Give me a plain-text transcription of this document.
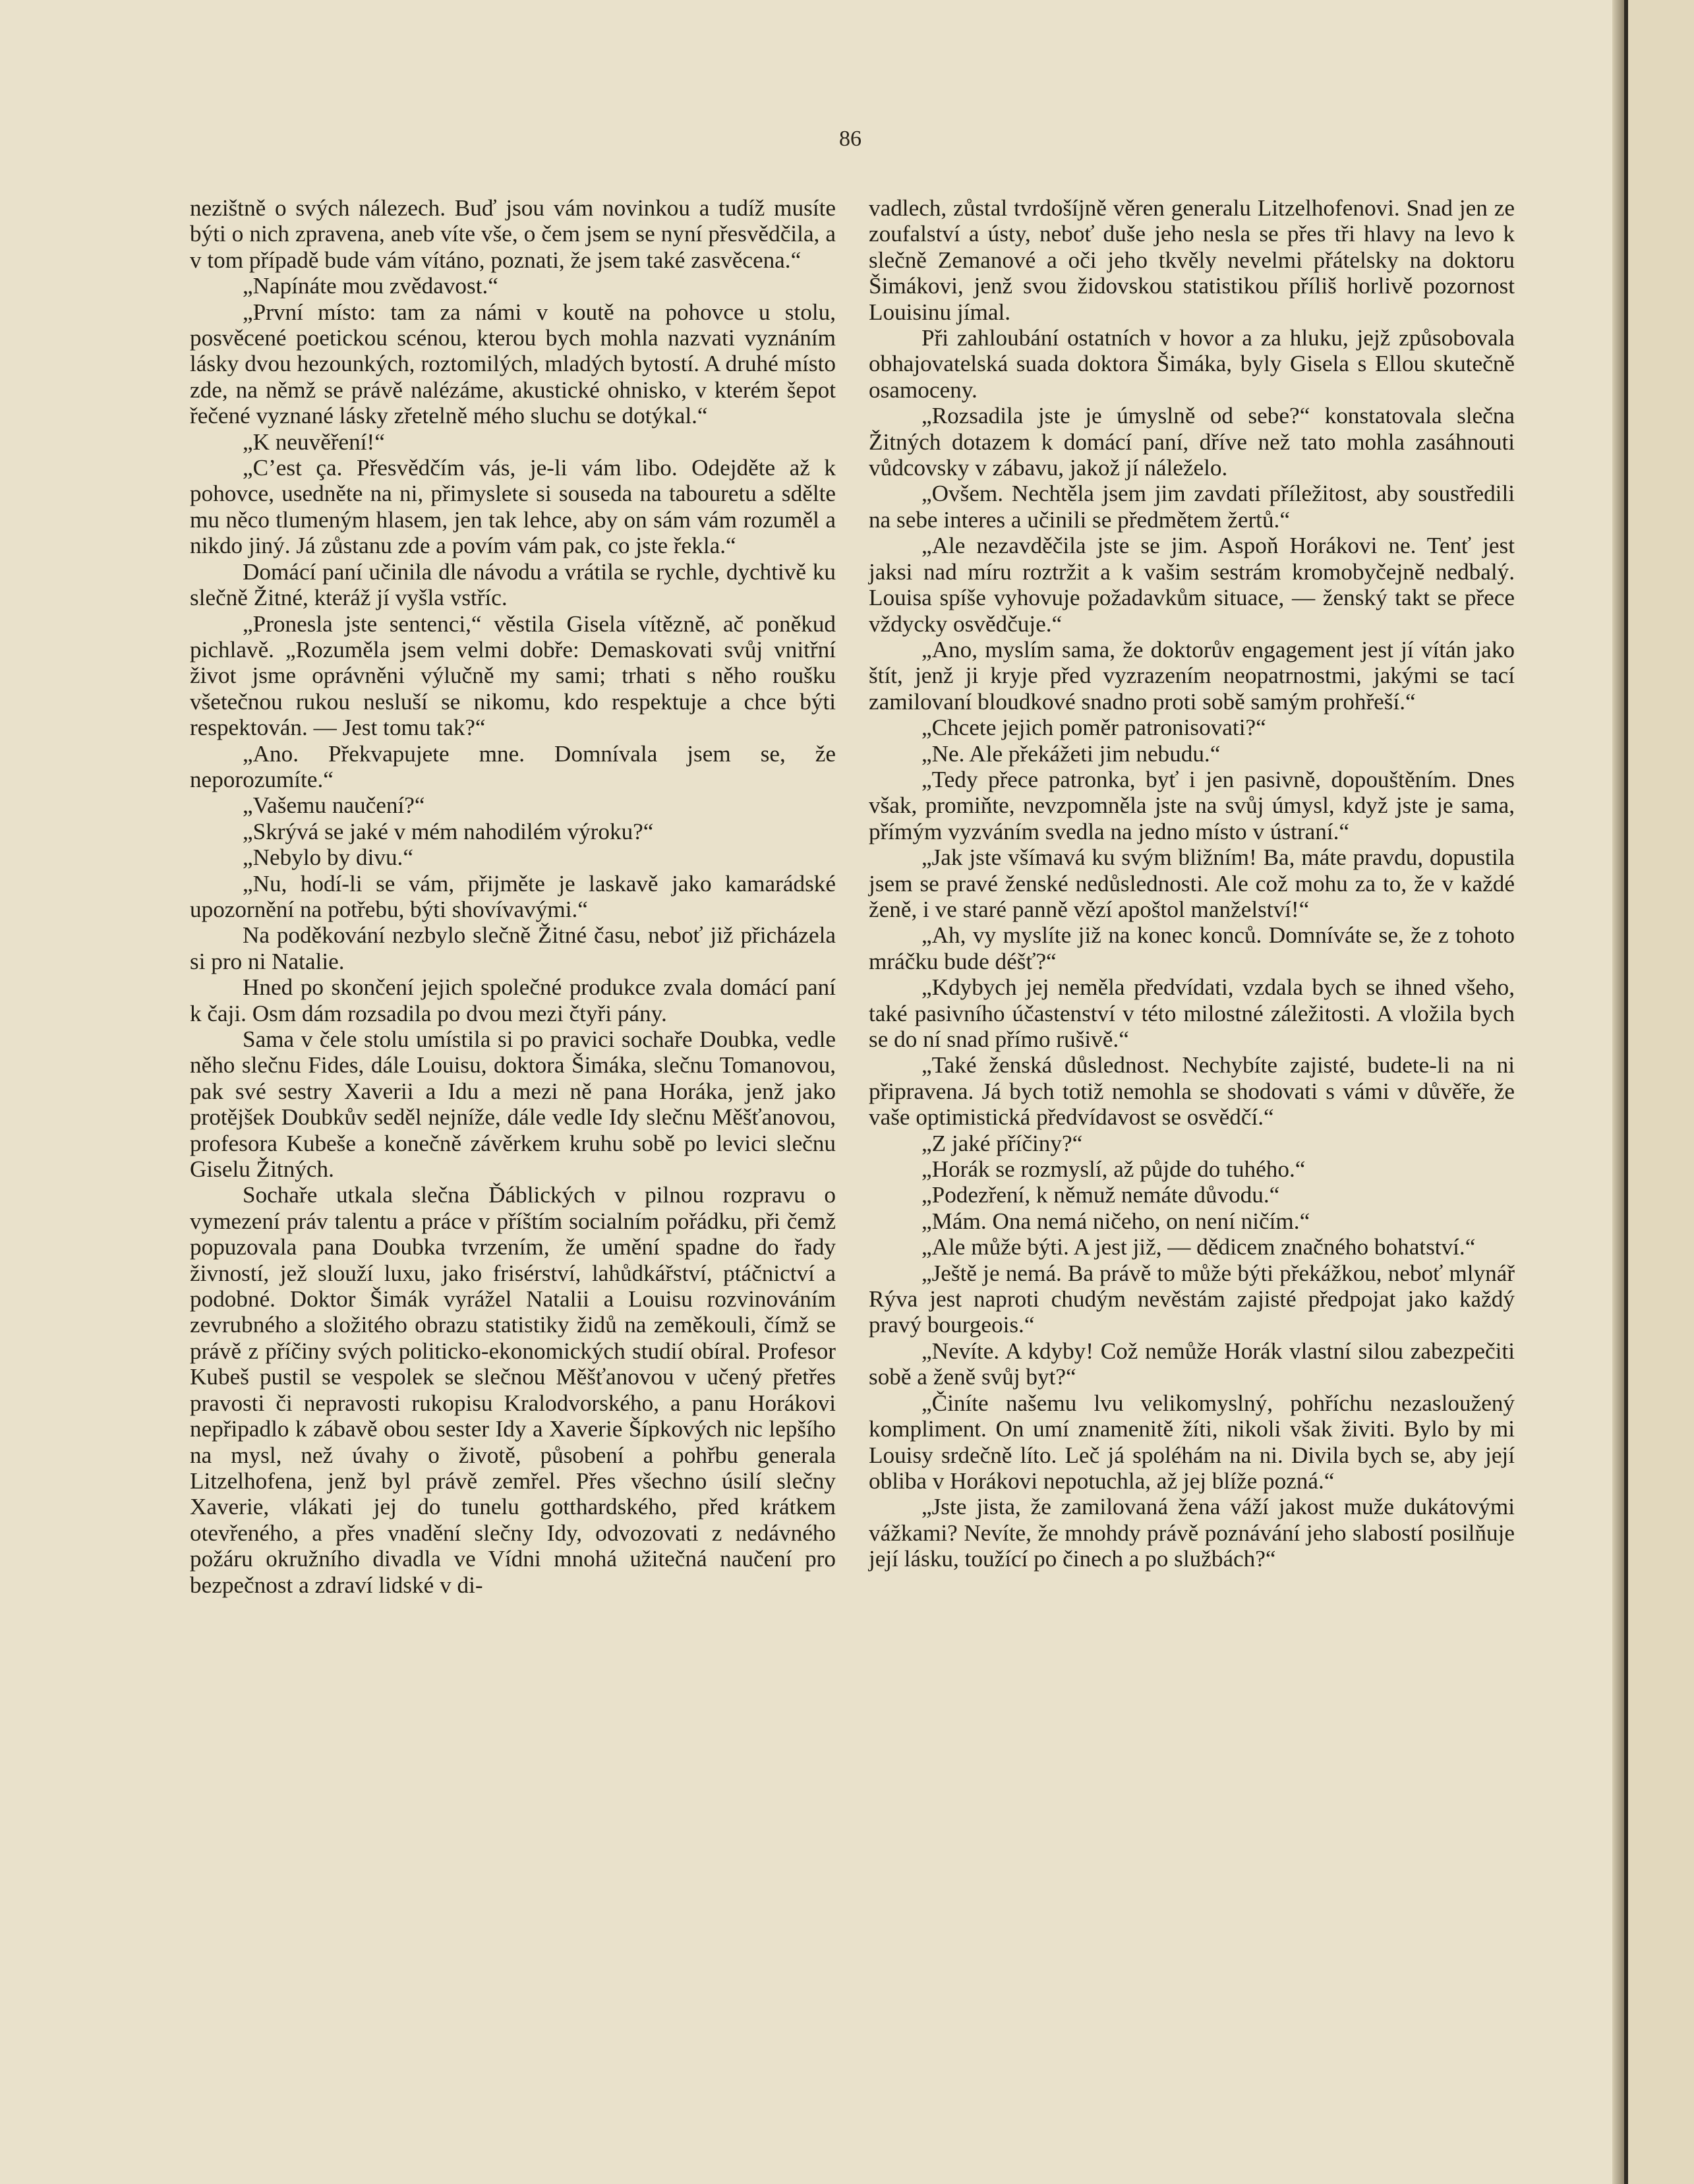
86

nezištně o svých nálezech. Buď jsou vám novinkou a tudíž musíte býti o nich zpravena, aneb víte vše, o čem jsem se nyní přesvědčila, a v tom případě bude vám vítáno, poznati, že jsem také zasvěcena.“

„Napínáte mou zvědavost.“

„První místo: tam za námi v koutě na pohovce u stolu, posvěcené poetickou scénou, kterou bych mohla nazvati vyznáním lásky dvou hezounkých, roztomilých, mladých bytostí. A druhé místo zde, na němž se právě nalézáme, akustické ohnisko, v kterém šepot řečené vyznané lásky zřetelně mého sluchu se dotýkal.“

„K neuvěření!“

„C’est ça. Přesvědčím vás, je-li vám libo. Odejděte až k pohovce, usedněte na ni, přimyslete si souseda na tabouretu a sdělte mu něco tlumeným hlasem, jen tak lehce, aby on sám vám rozuměl a nikdo jiný. Já zůstanu zde a povím vám pak, co jste řekla.“

Domácí paní učinila dle návodu a vrátila se rychle, dychtivě ku slečně Žitné, kteráž jí vyšla vstříc.

„Pronesla jste sentenci,“ věstila Gisela vítězně, ač poněkud pichlavě. „Rozuměla jsem velmi dobře: Demaskovati svůj vnitřní život jsme oprávněni výlučně my sami; trhati s něho roušku všetečnou rukou nesluší se nikomu, kdo respektuje a chce býti respektován. — Jest tomu tak?“

„Ano. Překvapujete mne. Domnívala jsem se, že neporozumíte.“

„Vašemu naučení?“

„Skrývá se jaké v mém nahodilém výroku?“

„Nebylo by divu.“

„Nu, hodí-li se vám, přijměte je laskavě jako kamarádské upozornění na potřebu, býti shovívavými.“

Na poděkování nezbylo slečně Žitné času, neboť již přicházela si pro ni Natalie.

Hned po skončení jejich společné produkce zvala domácí paní k čaji. Osm dám rozsadila po dvou mezi čtyři pány.

Sama v čele stolu umístila si po pravici sochaře Doubka, vedle něho slečnu Fides, dále Louisu, doktora Šimáka, slečnu Tomanovou, pak své sestry Xaverii a Idu a mezi ně pana Horáka, jenž jako protějšek Doubkův seděl nejníže, dále vedle Idy slečnu Měšťanovou, profesora Kubeše a konečně závěrkem kruhu sobě po levici slečnu Giselu Žitných.

Sochaře utkala slečna Ďáblických v pilnou rozpravu o vymezení práv talentu a práce v příštím socialním pořádku, při čemž popuzovala pana Doubka tvrzením, že umění spadne do řady živností, jež slouží luxu, jako frisérství, lahůdkářství, ptáčnictví a podobné. Doktor Šimák vyrážel Natalii a Louisu rozvinováním zevrubného a složitého obrazu statistiky židů na zeměkouli, čímž se právě z příčiny svých politicko-ekonomických studií obíral. Profesor Kubeš pustil se vespolek se slečnou Měšťanovou v učený přetřes pravosti či nepravosti rukopisu Kralodvorského, a panu Horákovi nepřipadlo k zábavě obou sester Idy a Xaverie Šípkových nic lepšího na mysl, než úvahy o životě, působení a pohřbu generala Litzelhofena, jenž byl právě zemřel. Přes všechno úsilí slečny Xaverie, vlákati jej do tunelu gotthardského, před krátkem otevřeného, a přes vnadění slečny Idy, odvozovati z nedávného požáru okružního divadla ve Vídni mnohá užitečná naučení pro bezpečnost a zdraví lidské v di-

vadlech, zůstal tvrdošíjně věren generalu Litzelhofenovi. Snad jen ze zoufalství a ústy, neboť duše jeho nesla se přes tři hlavy na levo k slečně Zemanové a oči jeho tkvěly nevelmi přátelsky na doktoru Šimákovi, jenž svou židovskou statistikou příliš horlivě pozornost Louisinu jímal.

Při zahloubání ostatních v hovor a za hluku, jejž způsobovala obhajovatelská suada doktora Šimáka, byly Gisela s Ellou skutečně osamoceny.

„Rozsadila jste je úmyslně od sebe?“ konstatovala slečna Žitných dotazem k domácí paní, dříve než tato mohla zasáhnouti vůdcovsky v zábavu, jakož jí náleželo.

„Ovšem. Nechtěla jsem jim zavdati příležitost, aby soustředili na sebe interes a učinili se předmětem žertů.“

„Ale nezavděčila jste se jim. Aspoň Horákovi ne. Tenť jest jaksi nad míru roztržit a k vašim sestrám kromobyčejně nedbalý. Louisa spíše vyhovuje požadavkům situace, — ženský takt se přece vždycky osvědčuje.“

„Ano, myslím sama, že doktorův engagement jest jí vítán jako štít, jenž ji kryje před vyzrazením neopatrnostmi, jakými se tací zamilovaní bloudkové snadno proti sobě samým prohřeší.“

„Chcete jejich poměr patronisovati?“

„Ne. Ale překážeti jim nebudu.“

„Tedy přece patronka, byť i jen pasivně, dopouštěním. Dnes však, promiňte, nevzpomněla jste na svůj úmysl, když jste je sama, přímým vyzváním svedla na jedno místo v ústraní.“

„Jak jste všímavá ku svým bližním! Ba, máte pravdu, dopustila jsem se pravé ženské nedůslednosti. Ale což mohu za to, že v každé ženě, i ve staré panně vězí apoštol manželství!“

„Ah, vy myslíte již na konec konců. Domníváte se, že z tohoto mráčku bude déšť?“

„Kdybych jej neměla předvídati, vzdala bych se ihned všeho, také pasivního účastenství v této milostné záležitosti. A vložila bych se do ní snad přímo rušivě.“

„Také ženská důslednost. Nechybíte zajisté, budete-li na ni připravena. Já bych totiž nemohla se shodovati s vámi v důvěře, že vaše optimistická předvídavost se osvědčí.“

„Z jaké příčiny?“

„Horák se rozmyslí, až půjde do tuhého.“

„Podezření, k němuž nemáte důvodu.“

„Mám. Ona nemá ničeho, on není ničím.“

„Ale může býti. A jest již, — dědicem značného bohatství.“

„Ještě je nemá. Ba právě to může býti překážkou, neboť mlynář Rýva jest naproti chudým nevěstám zajisté předpojat jako každý pravý bourgeois.“

„Nevíte. A kdyby! Což nemůže Horák vlastní silou zabezpečiti sobě a ženě svůj byt?“

„Činíte našemu lvu velikomyslný, pohříchu nezasloužený kompliment. On umí znamenitě žíti, nikoli však živiti. Bylo by mi Louisy srdečně líto. Leč já spoléhám na ni. Divila bych se, aby její obliba v Horákovi nepotuchla, až jej blíže pozná.“

„Jste jista, že zamilovaná žena váží jakost muže dukátovými vážkami? Nevíte, že mnohdy právě poznávání jeho slabostí posilňuje její lásku, toužící po činech a po službách?“
